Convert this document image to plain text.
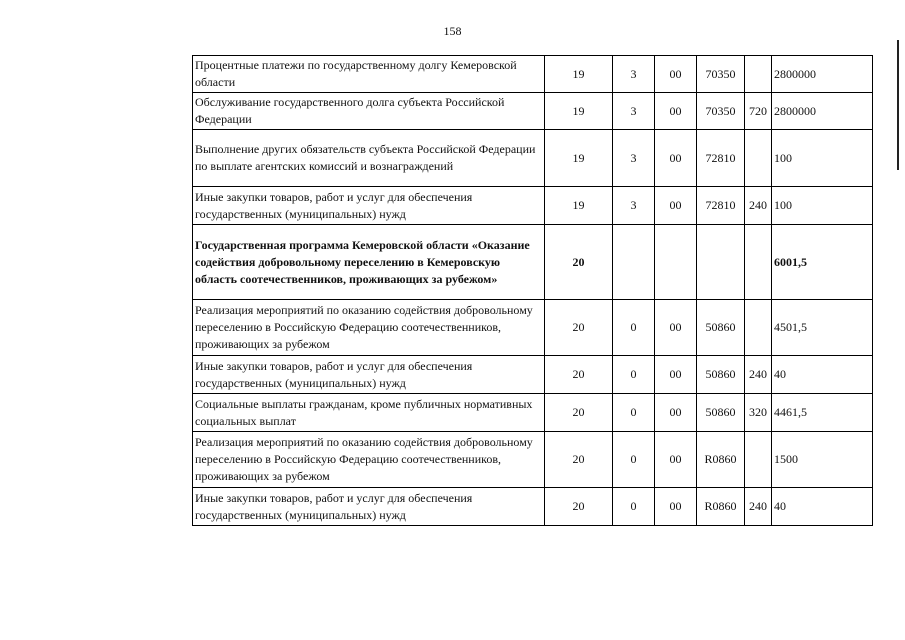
158
Процентные платежи по государственному долгу Кемеровской области	19	3	00	70350		2800000
Обслуживание государственного долга субъекта Российской Федерации	19	3	00	70350	720	2800000
Выполнение других обязательств субъекта Российской Федерации по выплате агентских комиссий и вознаграждений	19	3	00	72810		100
Иные закупки товаров, работ и услуг для обеспечения государственных (муниципальных) нужд	19	3	00	72810	240	100
Государственная программа Кемеровской области «Оказание содействия добровольному переселению в Кемеровскую область соотечественников, проживающих за рубежом»	20					6001,5
Реализация мероприятий по оказанию содействия добровольному переселению в Российскую Федерацию соотечественников, проживающих за рубежом	20	0	00	50860		4501,5
Иные закупки товаров, работ и услуг для обеспечения государственных (муниципальных) нужд	20	0	00	50860	240	40
Социальные выплаты гражданам, кроме публичных нормативных социальных выплат	20	0	00	50860	320	4461,5
Реализация мероприятий по оказанию содействия добровольному переселению в Российскую Федерацию соотечественников, проживающих за рубежом	20	0	00	R0860		1500
Иные закупки товаров, работ и услуг для обеспечения государственных (муниципальных) нужд	20	0	00	R0860	240	40
